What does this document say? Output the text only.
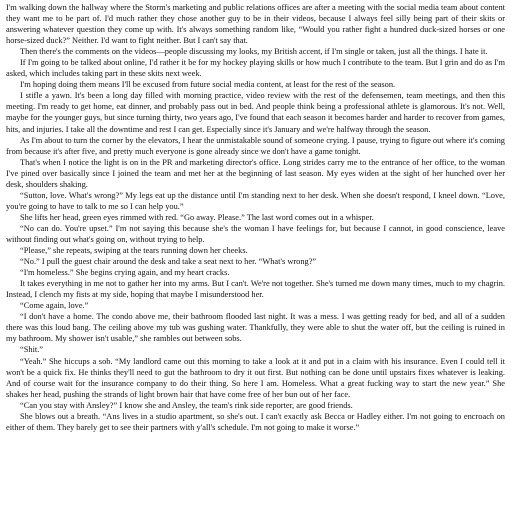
I'm walking down the hallway where the Storm's marketing and public relations offices are after a meeting with the social media team about content they want me to be part of. I'd much rather they chose another guy to be in their videos, because I always feel silly being part of their skits or answering whatever question they come up with. It's always something random like, “Would you rather fight a hundred duck-sized horses or one horse-sized duck?” Neither. I'd want to fight neither. But I can't say that.

Then there's the comments on the videos—people discussing my looks, my British accent, if I'm single or taken, just all the things. I hate it.

If I'm going to be talked about online, I'd rather it be for my hockey playing skills or how much I contribute to the team. But I grin and do as I'm asked, which includes taking part in these skits next week.

I'm hoping doing them means I'll be excused from future social media content, at least for the rest of the season.

I stifle a yawn. It's been a long day filled with morning practice, video review with the rest of the defensemen, team meetings, and then this meeting. I'm ready to get home, eat dinner, and probably pass out in bed. And people think being a professional athlete is glamorous. It's not. Well, maybe for the younger guys, but since turning thirty, two years ago, I've found that each season it becomes harder and harder to recover from games, hits, and injuries. I take all the downtime and rest I can get. Especially since it's January and we're halfway through the season.

As I'm about to turn the corner by the elevators, I hear the unmistakable sound of someone crying. I pause, trying to figure out where it's coming from because it's after five, and pretty much everyone is gone already since we don't have a game tonight.

That's when I notice the light is on in the PR and marketing director's office. Long strides carry me to the entrance of her office, to the woman I've pined over basically since I joined the team and met her at the beginning of last season. My eyes widen at the sight of her hunched over her desk, shoulders shaking.

“Sutton, love. What's wrong?” My legs eat up the distance until I'm standing next to her desk. When she doesn't respond, I kneel down. “Love, you're going to have to talk to me so I can help you.”

She lifts her head, green eyes rimmed with red. “Go away. Please.” The last word comes out in a whisper.

“No can do. You're upset.” I'm not saying this because she's the woman I have feelings for, but because I cannot, in good conscience, leave without finding out what's going on, without trying to help.

“Please,” she repeats, swiping at the tears running down her cheeks.

“No.” I pull the guest chair around the desk and take a seat next to her. “What's wrong?”

“I'm homeless.” She begins crying again, and my heart cracks.

It takes everything in me not to gather her into my arms. But I can't. We're not together. She's turned me down many times, much to my chagrin. Instead, I clench my fists at my side, hoping that maybe I misunderstood her.

“Come again, love.”

“I don't have a home. The condo above me, their bathroom flooded last night. It was a mess. I was getting ready for bed, and all of a sudden there was this loud bang. The ceiling above my tub was gushing water. Thankfully, they were able to shut the water off, but the ceiling is ruined in my bathroom. My shower isn't usable,” she rambles out between sobs.

“Shit.”

“Yeah.” She hiccups a sob. “My landlord came out this morning to take a look at it and put in a claim with his insurance. Even I could tell it won't be a quick fix. He thinks they'll need to gut the bathroom to dry it out first. But nothing can be done until upstairs fixes whatever is leaking. And of course wait for the insurance company to do their thing. So here I am. Homeless. What a great fucking way to start the new year.” She shakes her head, pushing the strands of light brown hair that have come free of her bun out of her face.

“Can you stay with Ansley?” I know she and Ansley, the team's rink side reporter, are good friends.

She blows out a breath. “Ans lives in a studio apartment, so she's out. I can't exactly ask Becca or Hadley either. I'm not going to encroach on either of them. They barely get to see their partners with y'all's schedule. I'm not going to make it worse.”
